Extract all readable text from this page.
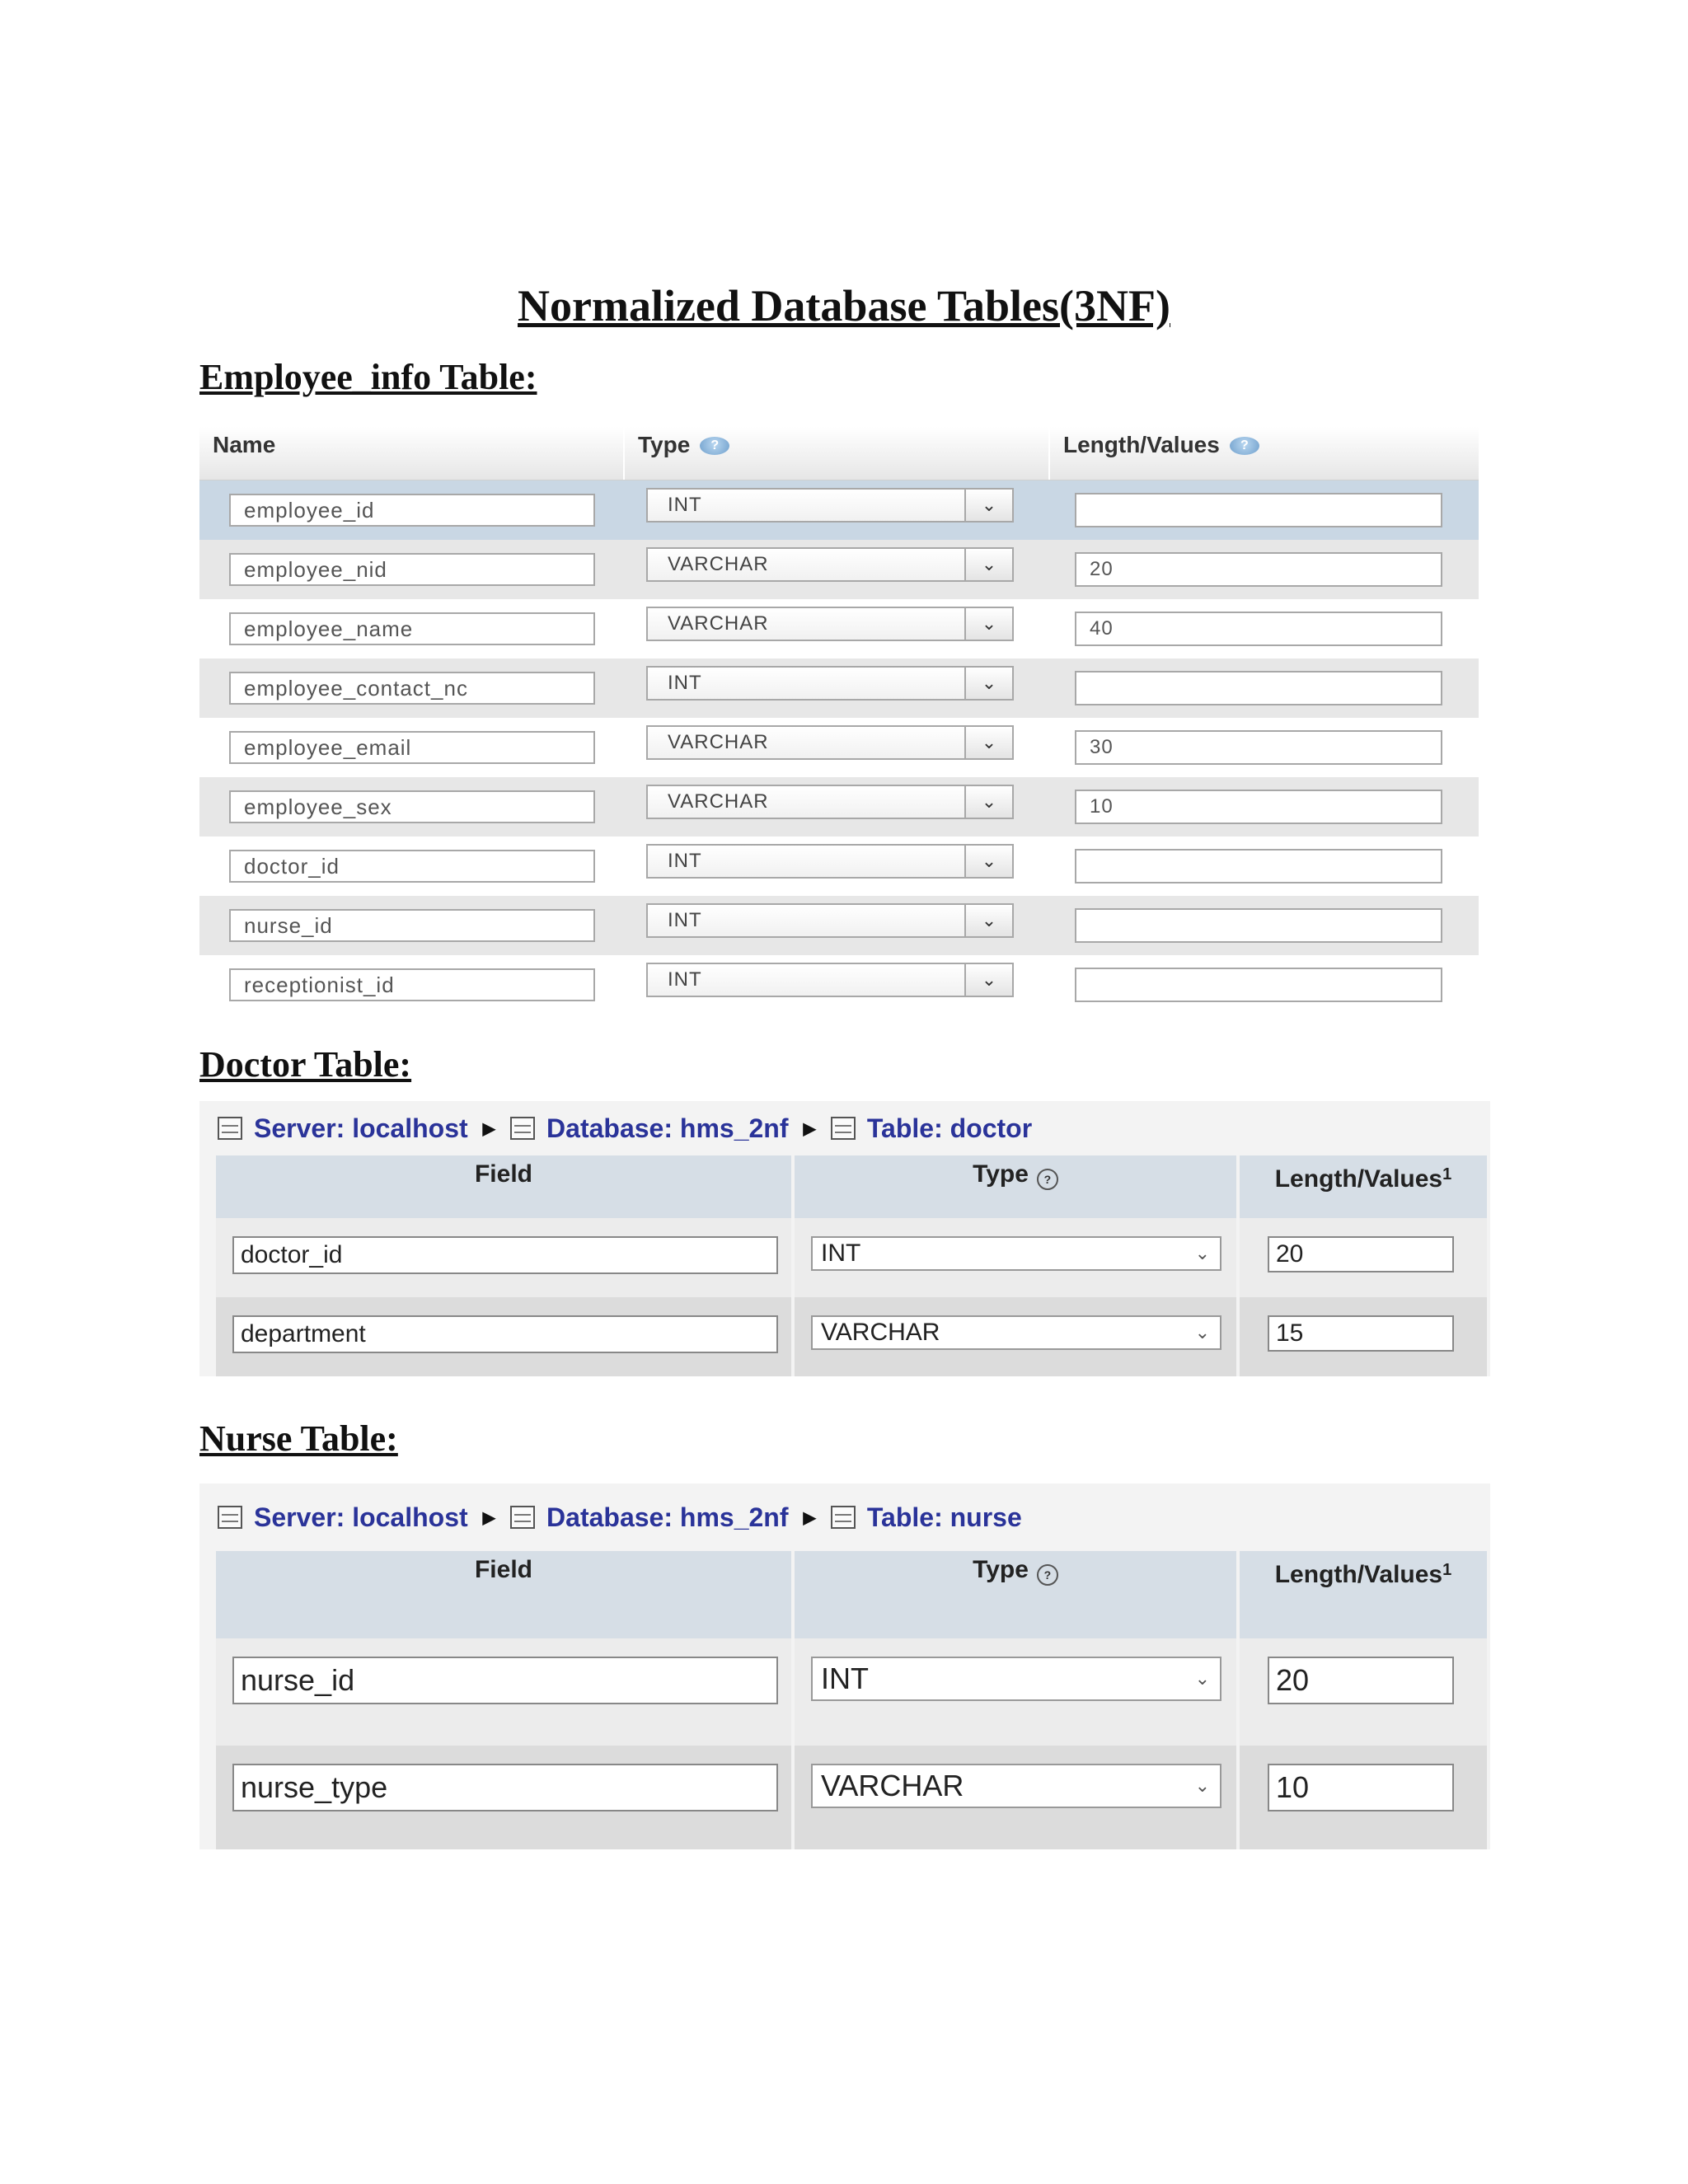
Normalized Database Tables(3NF)
Employee_info Table:
Name	Type	?	Length/Values	?
employee_id	INT	⌄
employee_nid	VARCHAR	⌄	20
employee_name	VARCHAR	⌄	40
employee_contact_nc	INT	⌄
employee_email	VARCHAR	⌄	30
employee_sex	VARCHAR	⌄	10
doctor_id	INT	⌄
nurse_id	INT	⌄
receptionist_id	INT	⌄
Doctor Table:
Server: localhost ▶ Database: hms_2nf ▶ Table: doctor
Field	Type	?	Length/Values 1
doctor_id	INT	⌄	20
department	VARCHAR	⌄	15
Nurse Table:
Server: localhost ▶ Database: hms_2nf ▶ Table: nurse
Field	Type	?	Length/Values 1
nurse_id	INT	⌄	20
nurse_type	VARCHAR	⌄	10
